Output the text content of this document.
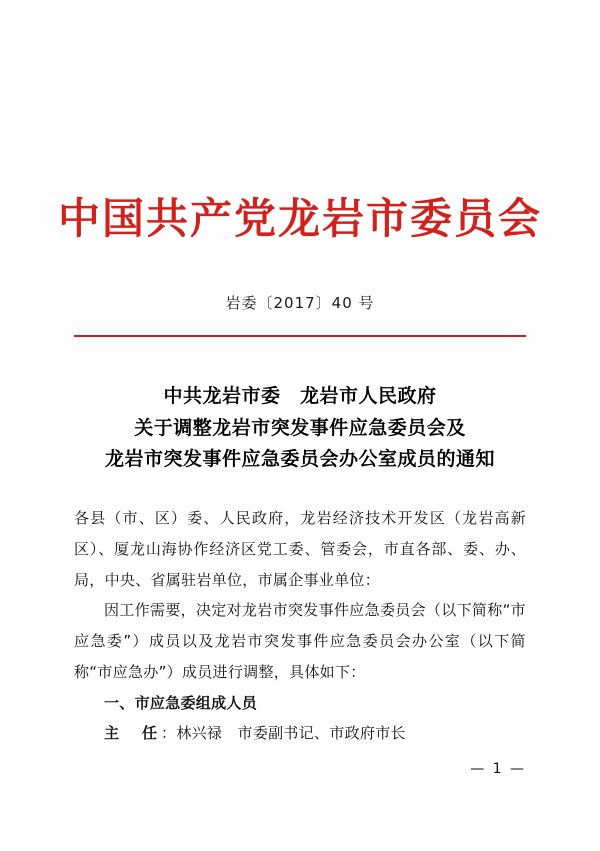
中国共产党龙岩市委员会
岩委〔2017〕40 号
中共龙岩市委　龙岩市人民政府
关于调整龙岩市突发事件应急委员会及
龙岩市突发事件应急委员会办公室成员的通知

各县（市、区）委、人民政府，龙岩经济技术开发区（龙岩高新区）、厦龙山海协作经济区党工委、管委会，市直各部、委、办、局，中央、省属驻岩单位，市属企事业单位：

因工作需要，决定对龙岩市突发事件应急委员会（以下简称“市应急委”）成员以及龙岩市突发事件应急委员会办公室（以下简称“市应急办”）成员进行调整，具体如下：

一、市应急委组成人员

主　任：林兴禄　市委副书记、市政府市长

— 1 —
